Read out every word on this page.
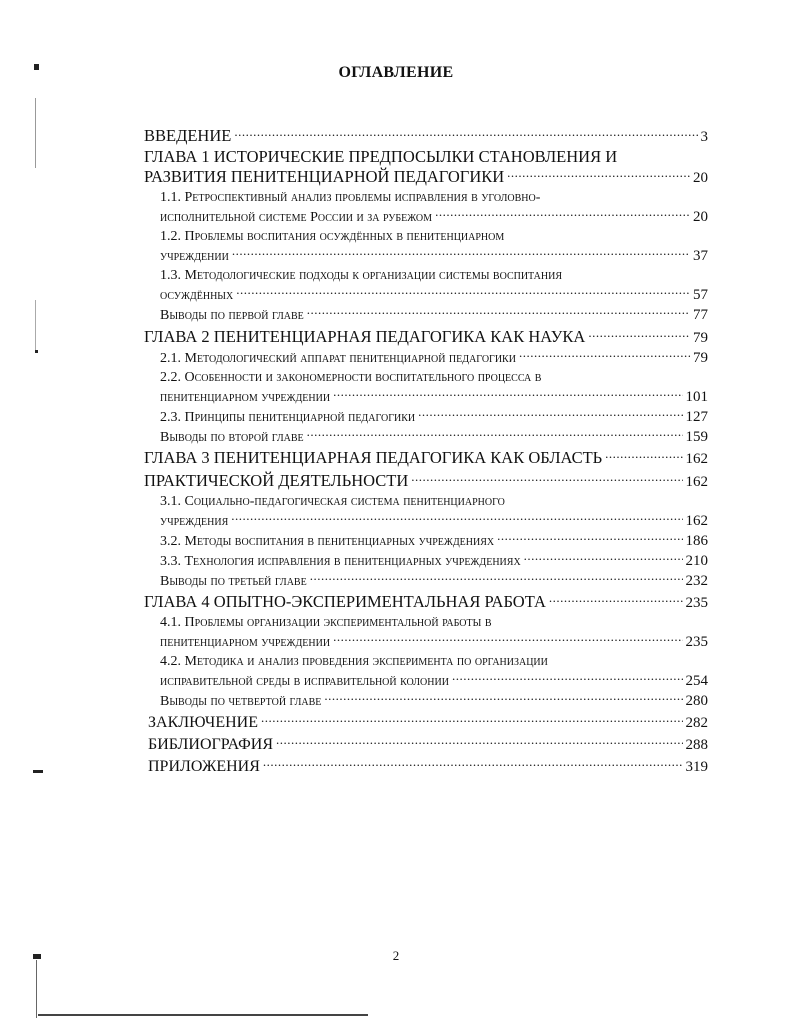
ОГЛАВЛЕНИЕ
ВВЕДЕНИЕ .....	3
ГЛАВА 1 ИСТОРИЧЕСКИЕ ПРЕДПОСЫЛКИ СТАНОВЛЕНИЯ И
РАЗВИТИЯ ПЕНИТЕНЦИАРНОЙ ПЕДАГОГИКИ .....	20
1.1. Ретроспективный анализ проблемы исправления в уголовно-
исполнительной системе России и за рубежом .....	20
1.2. Проблемы воспитания осуждённых в пенитенциарном
учреждении .....	37
1.3. Методологические подходы к организации системы воспитания
осуждённых .....	57
Выводы по первой главе .....	77
ГЛАВА 2 ПЕНИТЕНЦИАРНАЯ ПЕДАГОГИКА КАК НАУКА .....	79
2.1. Методологический аппарат пенитенциарной педагогики .....	79
2.2. Особенности и закономерности воспитательного процесса в
пенитенциарном учреждении .....	101
2.3. Принципы пенитенциарной педагогики .....	127
Выводы по второй главе .....	159
ГЛАВА 3 ПЕНИТЕНЦИАРНАЯ ПЕДАГОГИКА КАК ОБЛАСТЬ .....	162
ПРАКТИЧЕСКОЙ ДЕЯТЕЛЬНОСТИ .....	162
3.1. Социально-педагогическая система пенитенциарного
учреждения .....	162
3.2. Методы воспитания в пенитенциарных учреждениях .....	186
3.3. Технология исправления в пенитенциарных учреждениях .....	210
Выводы по третьей главе .....	232
ГЛАВА 4 ОПЫТНО-ЭКСПЕРИМЕНТАЛЬНАЯ РАБОТА .....	235
4.1. Проблемы организации экспериментальной работы в
пенитенциарном учреждении .....	235
4.2. Методика и анализ проведения эксперимента по организации
исправительной среды в исправительной колонии .....	254
Выводы по четвертой главе .....	280
ЗАКЛЮЧЕНИЕ .....	282
БИБЛИОГРАФИЯ .....	288
ПРИЛОЖЕНИЯ .....	319
2
